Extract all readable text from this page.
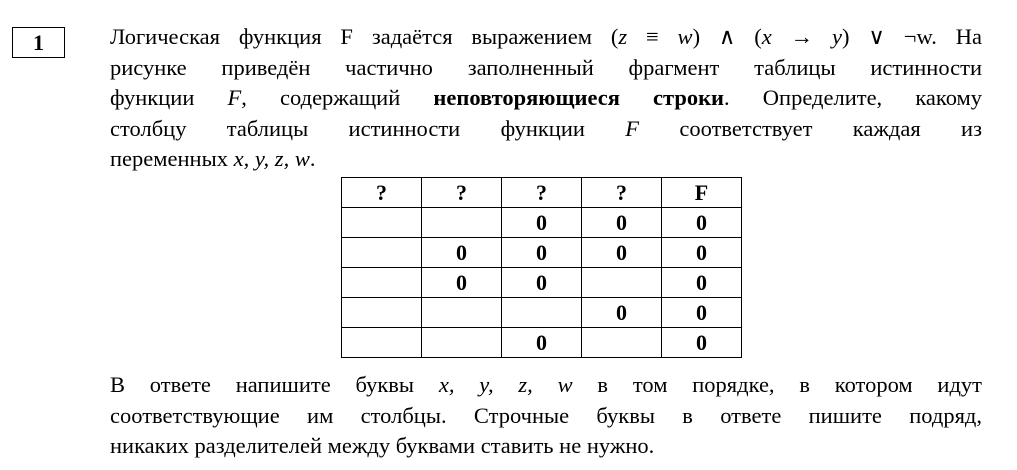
1	Логическая функция F задаётся выражением (z ≡ w) ∧ (x → y) ∨ ¬w. На
рисунке приведён частично заполненный фрагмент таблицы истинности
функции F, содержащий неповторяющиеся строки. Определите, какому
столбцу таблицы истинности функции F соответствует каждая из
переменных x, y, z, w.
?	?	?	?	F
		0	0	0
	0	0	0	0
	0	0		0
			0	0
		0		0
В ответе напишите буквы x, y, z, w в том порядке, в котором идут
соответствующие им столбцы. Строчные буквы в ответе пишите подряд,
никаких разделителей между буквами ставить не нужно.
